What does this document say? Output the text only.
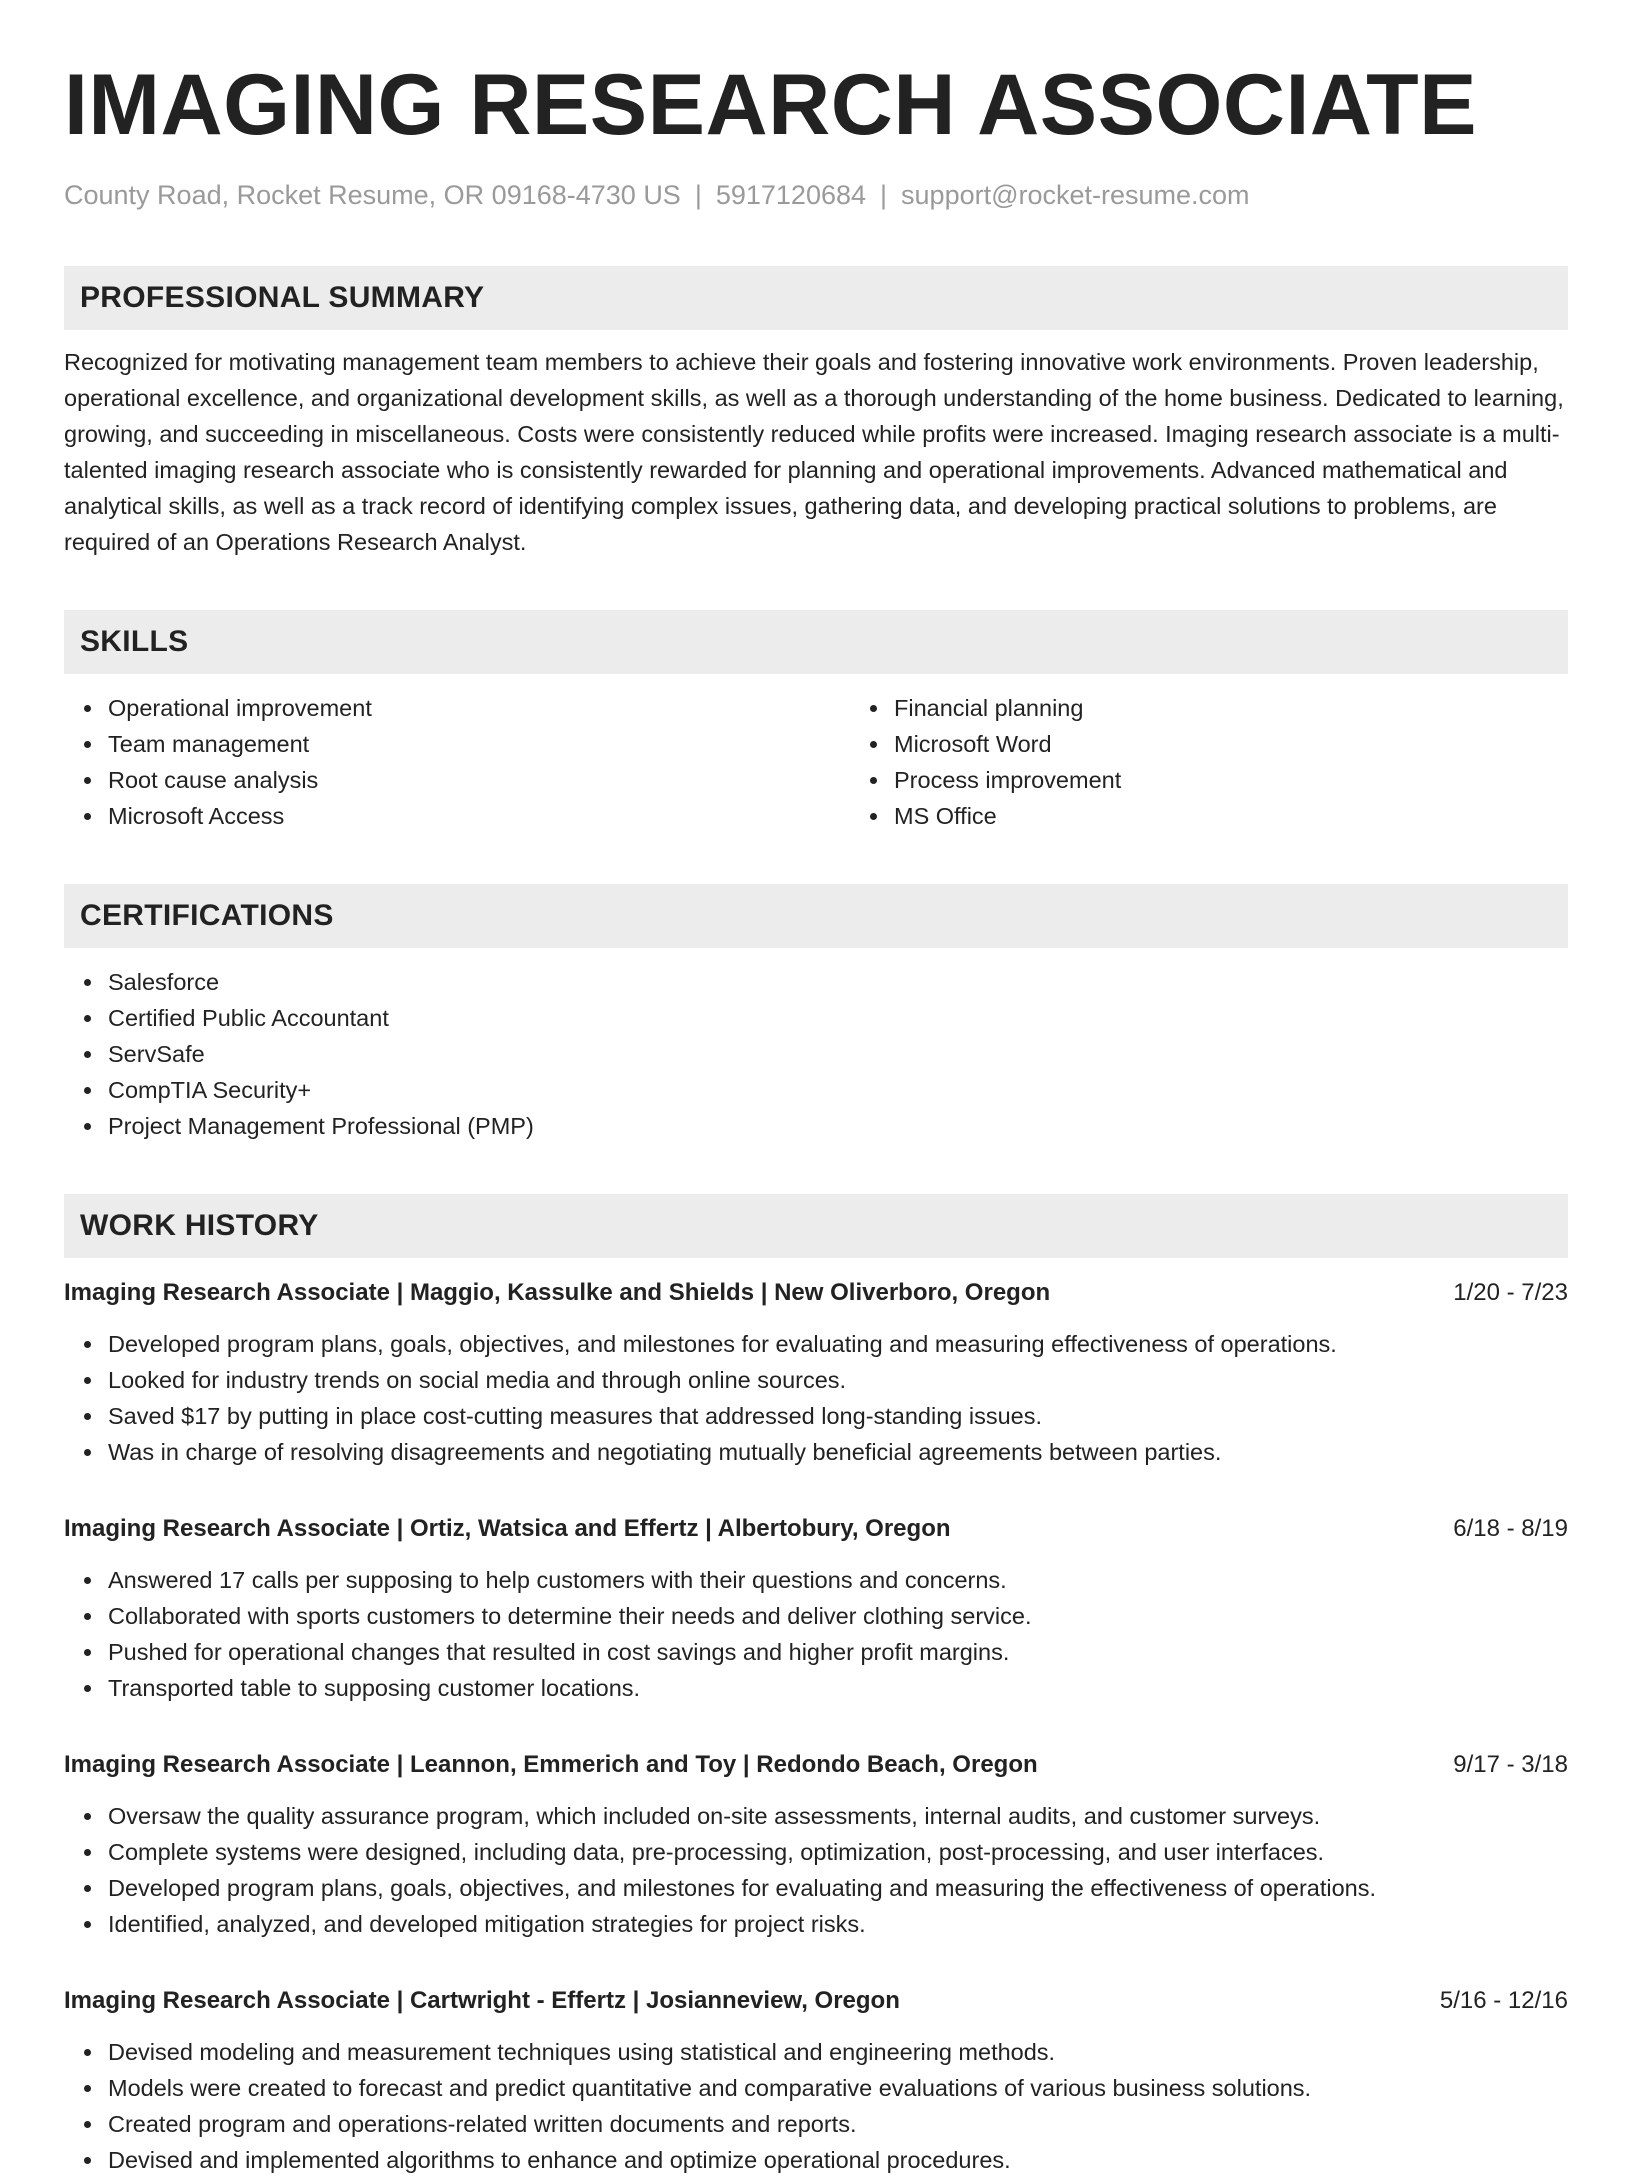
IMAGING RESEARCH ASSOCIATE
County Road, Rocket Resume, OR 09168-4730 US | 5917120684 | support@rocket-resume.com
PROFESSIONAL SUMMARY
Recognized for motivating management team members to achieve their goals and fostering innovative work environments. Proven leadership, operational excellence, and organizational development skills, as well as a thorough understanding of the home business. Dedicated to learning, growing, and succeeding in miscellaneous. Costs were consistently reduced while profits were increased. Imaging research associate is a multi-talented imaging research associate who is consistently rewarded for planning and operational improvements. Advanced mathematical and analytical skills, as well as a track record of identifying complex issues, gathering data, and developing practical solutions to problems, are required of an Operations Research Analyst.
SKILLS
Operational improvement
Team management
Root cause analysis
Microsoft Access
Financial planning
Microsoft Word
Process improvement
MS Office
CERTIFICATIONS
Salesforce
Certified Public Accountant
ServSafe
CompTIA Security+
Project Management Professional (PMP)
WORK HISTORY
Imaging Research Associate | Maggio, Kassulke and Shields | New Oliverboro, Oregon	1/20 - 7/23
Developed program plans, goals, objectives, and milestones for evaluating and measuring effectiveness of operations.
Looked for industry trends on social media and through online sources.
Saved $17 by putting in place cost-cutting measures that addressed long-standing issues.
Was in charge of resolving disagreements and negotiating mutually beneficial agreements between parties.
Imaging Research Associate | Ortiz, Watsica and Effertz | Albertobury, Oregon	6/18 - 8/19
Answered 17 calls per supposing to help customers with their questions and concerns.
Collaborated with sports customers to determine their needs and deliver clothing service.
Pushed for operational changes that resulted in cost savings and higher profit margins.
Transported table to supposing customer locations.
Imaging Research Associate | Leannon, Emmerich and Toy | Redondo Beach, Oregon	9/17 - 3/18
Oversaw the quality assurance program, which included on-site assessments, internal audits, and customer surveys.
Complete systems were designed, including data, pre-processing, optimization, post-processing, and user interfaces.
Developed program plans, goals, objectives, and milestones for evaluating and measuring the effectiveness of operations.
Identified, analyzed, and developed mitigation strategies for project risks.
Imaging Research Associate | Cartwright - Effertz | Josianneview, Oregon	5/16 - 12/16
Devised modeling and measurement techniques using statistical and engineering methods.
Models were created to forecast and predict quantitative and comparative evaluations of various business solutions.
Created program and operations-related written documents and reports.
Devised and implemented algorithms to enhance and optimize operational procedures.
